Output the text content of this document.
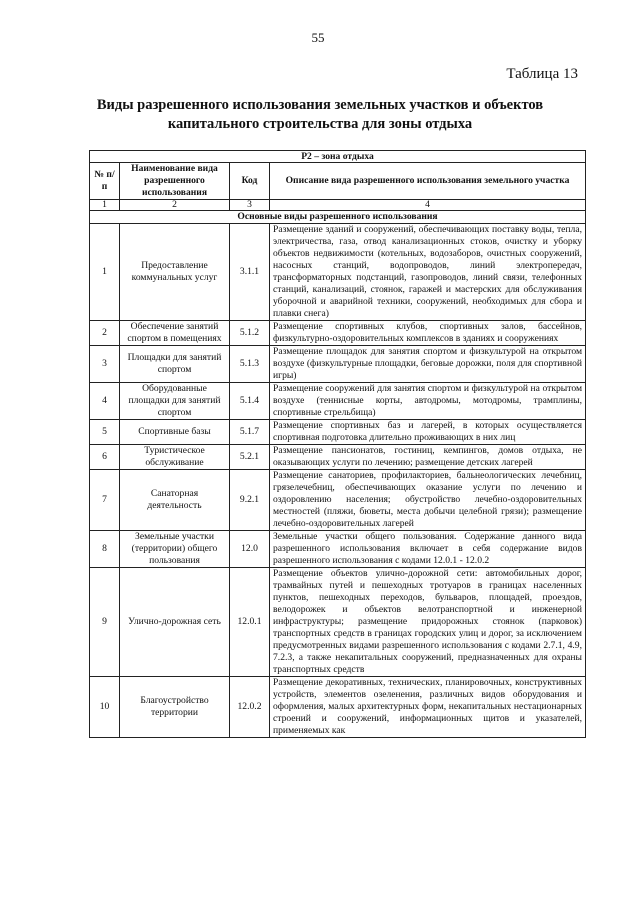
55
Таблица 13
Виды разрешенного использования земельных участков и объектов
капитального строительства для зоны отдыха
Р2 – зона отдыха			
№ п/п	Наименование вида разрешенного использования	Код	Описание вида разрешенного использования земельного участка
1	2	3	4
Основные виды разрешенного использования			
1	Предоставление коммунальных услуг	3.1.1	Размещение зданий и сооружений, обеспечивающих поставку воды, тепла, электричества, газа, отвод канализационных стоков, очистку и уборку объектов недвижимости (котельных, водозаборов, очистных сооружений, насосных станций, водопроводов, линий электропередач, трансформаторных подстанций, газопроводов, линий связи, телефонных станций, канализаций, стоянок, гаражей и мастерских для обслуживания уборочной и аварийной техники, сооружений, необходимых для сбора и плавки снега)
2	Обеспечение занятий спортом в помещениях	5.1.2	Размещение спортивных клубов, спортивных залов, бассейнов, физкультурно-оздоровительных комплексов в зданиях и сооружениях
3	Площадки для занятий спортом	5.1.3	Размещение площадок для занятия спортом и физкультурой на открытом воздухе (физкультурные площадки, беговые дорожки, поля для спортивной игры)
4	Оборудованные площадки для занятий спортом	5.1.4	Размещение сооружений для занятия спортом и физкультурой на открытом воздухе (теннисные корты, автодромы, мотодромы, трамплины, спортивные стрельбища)
5	Спортивные базы	5.1.7	Размещение спортивных баз и лагерей, в которых осуществляется спортивная подготовка длительно проживающих в них лиц
6	Туристическое обслуживание	5.2.1	Размещение пансионатов, гостиниц, кемпингов, домов отдыха, не оказывающих услуги по лечению; размещение детских лагерей
7	Санаторная деятельность	9.2.1	Размещение санаториев, профилакториев, бальнеологических лечебниц, грязелечебниц, обеспечивающих оказание услуги по лечению и оздоровлению населения; обустройство лечебно-оздоровительных местностей (пляжи, бюветы, места добычи целебной грязи); размещение лечебно-оздоровительных лагерей
8	Земельные участки (территории) общего пользования	12.0	Земельные участки общего пользования. Содержание данного вида разрешенного использования включает в себя содержание видов разрешенного использования с кодами 12.0.1 - 12.0.2
9	Улично-дорожная сеть	12.0.1	Размещение объектов улично-дорожной сети: автомобильных дорог, трамвайных путей и пешеходных тротуаров в границах населенных пунктов, пешеходных переходов, бульваров, площадей, проездов, велодорожек и объектов велотранспортной и инженерной инфраструктуры; размещение придорожных стоянок (парковок) транспортных средств в границах городских улиц и дорог, за исключением предусмотренных видами разрешенного использования с кодами 2.7.1, 4.9, 7.2.3, а также некапитальных сооружений, предназначенных для охраны транспортных средств
10	Благоустройство территории	12.0.2	Размещение декоративных, технических, планировочных, конструктивных устройств, элементов озеленения, различных видов оборудования и оформления, малых архитектурных форм, некапитальных нестационарных строений и сооружений, информационных щитов и указателей, применяемых как
